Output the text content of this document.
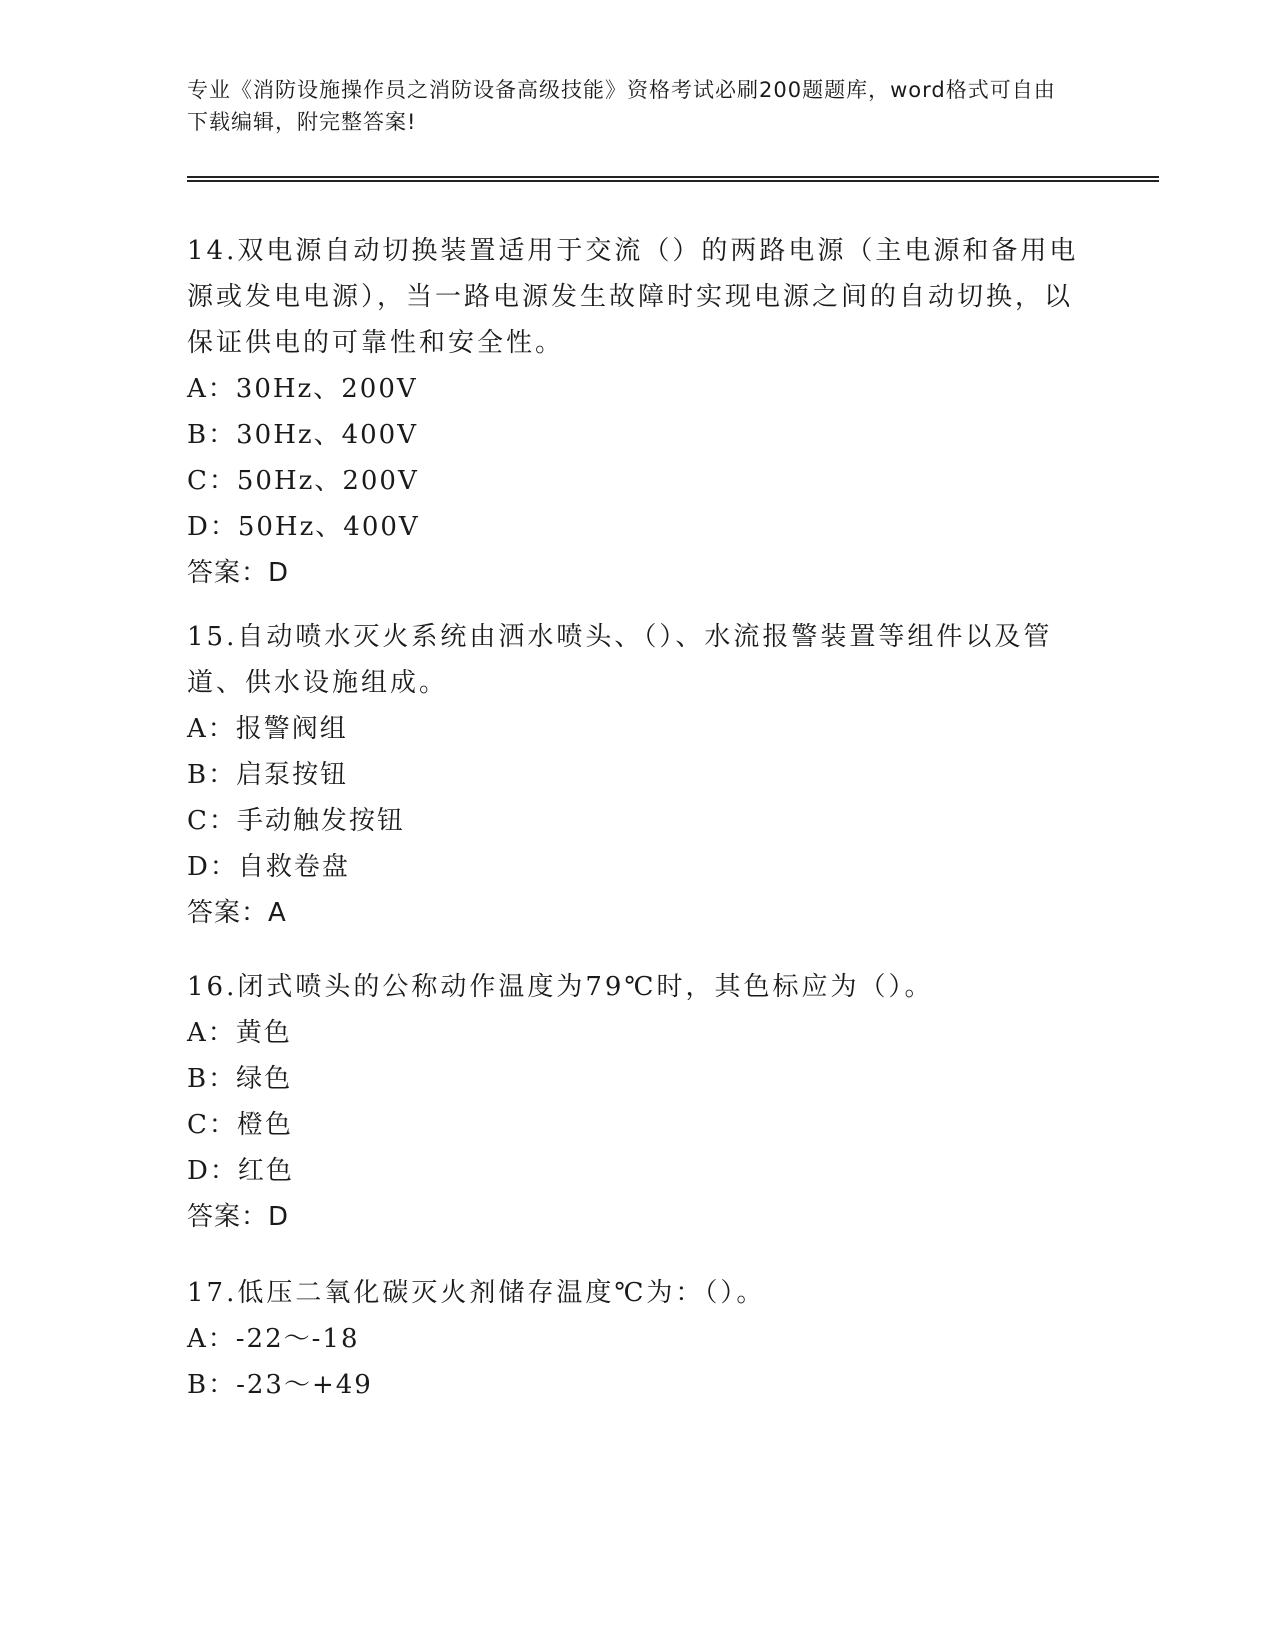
专业《消防设施操作员之消防设备高级技能》资格考试必刷200题题库，word格式可自由下载编辑，附完整答案!

14.双电源自动切换装置适用于交流（）的两路电源（主电源和备用电源或发电电源），当一路电源发生故障时实现电源之间的自动切换，以保证供电的可靠性和安全性。

A：30Hz、200V

B：30Hz、400V

C：50Hz、200V

D：50Hz、400V

答案：D

15.自动喷水灭火系统由洒水喷头、（）、水流报警装置等组件以及管道、供水设施组成。

A：报警阀组

B：启泵按钮

C：手动触发按钮

D：自救卷盘

答案：A

16.闭式喷头的公称动作温度为79℃时，其色标应为（）。

A：黄色

B：绿色

C：橙色

D：红色

答案：D

17.低压二氧化碳灭火剂储存温度℃为：（）。

A：-22～-18

B：-23～+49
